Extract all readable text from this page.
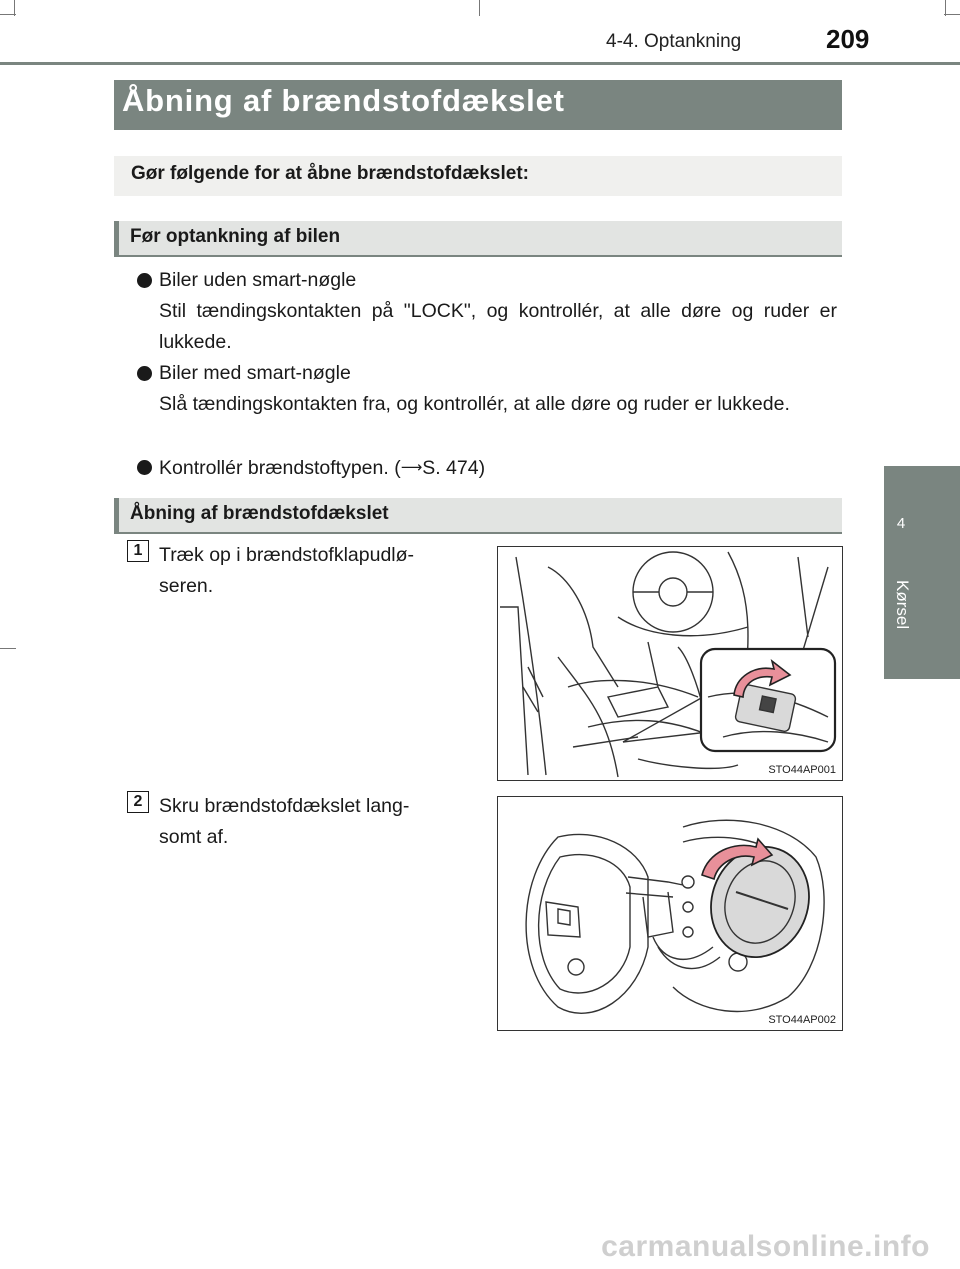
4-4. Optankning	209
4
Kørsel
Åbning af brændstofdækslet
Gør følgende for at åbne brændstofdækslet:
Før optankning af bilen
Biler uden smart-nøgle
Stil tændingskontakten på "LOCK", og kontrollér, at alle døre og ruder er lukkede.
Biler med smart-nøgle
Slå tændingskontakten fra, og kontrollér, at alle døre og ruder er lukkede.
Kontrollér brændstoftypen. (⟶S. 474)
Åbning af brændstofdækslet
1 Træk op i brændstofklapudlø-
seren.
STO44AP001
2 Skru brændstofdækslet lang-
somt af.
STO44AP002
carmanualsonline.info
